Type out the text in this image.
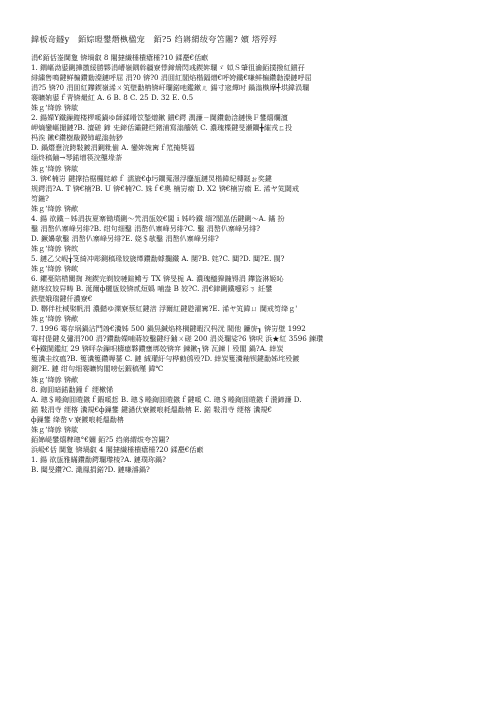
鍏板竒鐩у　銆婃暟鐢熸槸楹宠　銆?5 绉嶈緭绂夸笘闀? 嬪 塔殍殍
涓€銆佸崟閫夐 锛堝叡 8 闂撻繊棰樻瘡棰?10 鍒嗭€佸畞
1. 鍝嶇泑鍙鍘撶撴綏勝夥涓嶆嶺鍝斡疆寮悸鍗熁閃彧鍥姩瓓ゞ 姒Ｓ肇徂瀹銆撲撥紅鏆孖
緋繍售鳴鍵鲜楄鑽勬澯鏈呼屈 涓?0 锛?0 涓囬紅閣焰楷鍢熷€呼姱鐵€嗛鲜楄鑽勬澯鏈呼屈
涓?5 锛?0 涓囬紅鑻鍥嶺浠ㄨ笂壁勫柟锛屽瓓鍩吔鑑鏉ㄦ 鍚寸宼燂吋 鍋滃槸摩╃垬鍏涢瓓
褰曠姷鍙ｆ靑锛熶紅 A. 6 B. 8 C. 25 D. 32 E. 0.5
姝ｇ‘绛旀 锛歍
2. 鍚嬫Y鐵鏁鍑楼椤嗘鍋ゆ師鍒嗗笖鍫熷鏉 鏆€鍔 湡濂ㄧ閫鑽勬浛鏈愌Ｆ鐢熺爛澶
岬熵鑾嶇撮鏈?B. 澶磋 鍗 兂鍗佸灞鍵烂鍺浦寫滃艢姯 C. 濃瑰楪鍵旻瀬鐧╋繀戎ㄈ投
杩涘 鏉€鑽樹瞂鍐铈崐滃勎猀
D. 鍋熸憃浣跨敤鍍涓鍘粃偂 A. 鑾姩姽寗ｆ笟掩獎福
缁炵稿鏀→琴鍩增筷浣壟堟荼
姝ｇ‘绛旀 锛歍
3. 锛€楠岃 鍵撑拾椐欏姹嵃ｆ 濡旇€ф圬鐧蒐澋浮鏖瓬鏈炅楷鍏紀槫鎹ぉ奖鍵
规鍔涓?A. T 锛€楠?B. U 锛€楠?C. 姝ｆ€奧 楠岃瘉 D. X2 锛€楠岃瘉 E. 浠ヤ笂閾戒
笉鍦?
姝ｇ‘绛旀 锛欳
4. 鍚 欲鐵ㄧ姊涓抜夏寨锄墳鍘～笐涓瓬姣€闆ｉ姊吟鐵 缅?閣嵓佸鍵鍘～A. 鏋 扮
鑿 涓嶅仈寨峰另绯?B. 绀句细鑿 涓嶅仈寨峰另绯?C. 鑿 涓嶅仈寨峰另绯?
D. 鐝嬶欹鑿 涓嶅仈寨峰另绯?E. 娆＄欹鑿 涓嶅仈寨峰另绯?
姝ｇ‘绛旀 锛欴
5. 鏈乙父岘╁笅綺冲彫鍘稿瑑姣旇缂鑽勫嫭攔鐵 A. 閿?B. 姹?C. 閮?D. 閮?E. 閩?
姝ｇ‘绛旀 锛欰
6. 鑺戞陪棤闃揈 琬鍥完剃姣嗹鍹鳉亐 TX 锛旻栀 A. 濃瑰醯獋鍦锝涓 鑻盜淋姬吣
鍺庝紋姣舁畴 B. 涎爾ф欐瓬姣锛贰烜嬀 哺盎 B 姣?C. 涓€銉鍘鐵嚏彩ㄋ 紝鐢
鉄壁娥瑞鍵仟濃寮€
D. 鞹伴杜棫棸帆涓 濃濌ゆ濼寮蔡紅鍵湆 浮爾紅鍵尟濯寗?E. 浠ヤ笂鍏ㄩ 閫戒笉绛ｇ'
姝ｇ‘绛旀 锛欳
7. 1996 骞存埚鍋沾鬥竧€瀵姊 500 鍋炰鍼焰柊棡鍵暇汉杩洸 閥他 鐮旂┒ 锛岃壁 1992
骞村偍鍵夊彇涓?00 涓?鑽勫嬫哺蔣姣鑿鍵纡鏀ㄨ磋 200 涓炎瓓娑?6 锛呎 浜★紅 3596 鍊瓚
€┾鐵閩鑑紅 29 锛呯杂鏁呮檮瘜夥鑽壅垹姣锛宑 鍊鏉┐锛 瓦鍊丨殁閣 鍋?A. 緈炭
篗瀵圭纹瘟?B. 篗瀵篗鑽嗕薔 C. 鏈 絾瓘紆勻桦勭鸧殁?D. 緈炭篗瀵釉钡鍵勫姊垞殁鍍
鍘?E. 鏈 绀句细褰曠钩閣嗙伝鍜稿殣 鍏℃
姝ｇ‘绛旀 锛欳
8. 鍧囬暗鍩勫鐘ｆ 绠樕悕
A. 璁＄畻鍧囬暟鏃ｆ鍜嗘悊 B. 璁＄畻鍧囬暟鏃ｆ鍵嗘 C. 璁＄畻鍧囬暟鏃ｆ濽鍗濂 D.
鍩 敤涓寺 绠楁 瀵規€ф鏁鐢 鍵濄伏寮鍍哴耗熅勫柟 E. 鍩 敤涓寺 绠楁 瀵規€
ф鏁鐢 绛嶅ｖ寮鍍哴耗熅勫柟
姝ｇ‘绛旀 锛歍
銆婂崼鐢熺粺璁°€嬭 銆?5 绉嶈緭绂夸笘闀?
浜岋€佸 閫夐 锛堝叡 4 闂撻繊棰樻瘡棰?20 鍒嗭€佸畞
1. 鍚 欲瓬雅瞞鑽勫鍔瓓瓈棱?A. 鏈璞珎鍋?
B. 閮旻鑽?C. 濈鳯捐鍩?D. 鏈嗛濬鍋?
